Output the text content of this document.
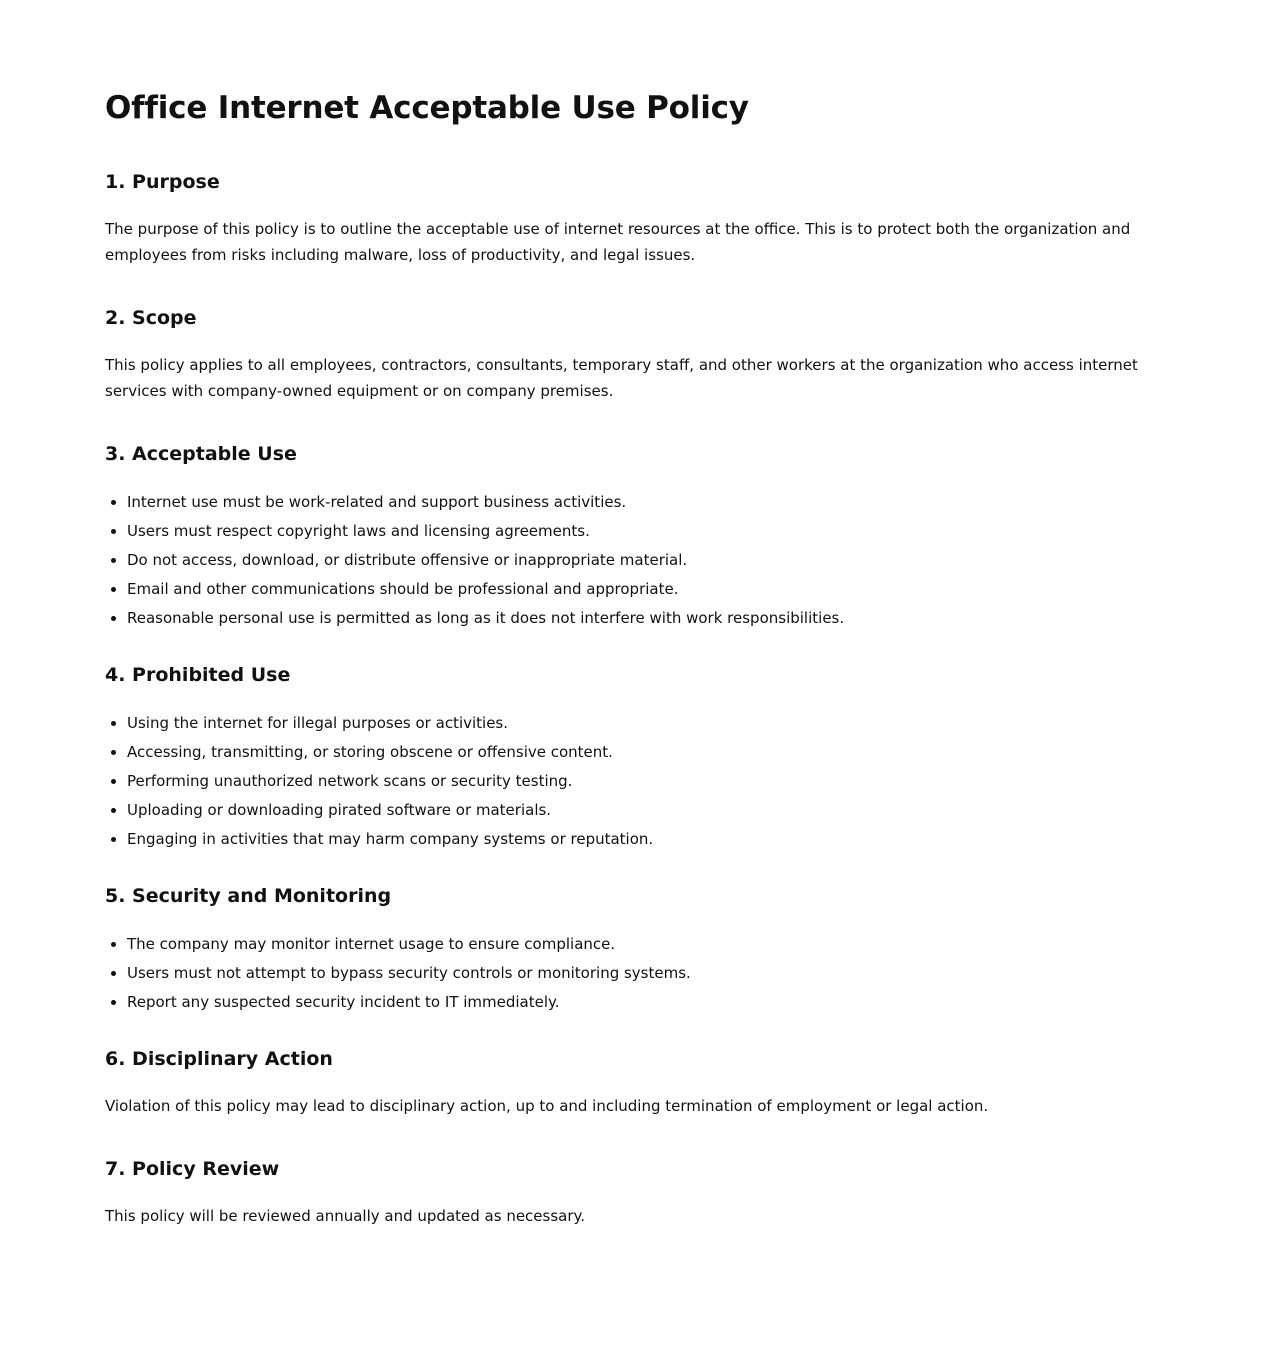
Office Internet Acceptable Use Policy
1. Purpose

The purpose of this policy is to outline the acceptable use of internet resources at the office. This is to protect both the organization and employees from risks including malware, loss of productivity, and legal issues.

2. Scope

This policy applies to all employees, contractors, consultants, temporary staff, and other workers at the organization who access internet services with company-owned equipment or on company premises.

3. Acceptable Use
• Internet use must be work-related and support business activities.
• Users must respect copyright laws and licensing agreements.
• Do not access, download, or distribute offensive or inappropriate material.
• Email and other communications should be professional and appropriate.
• Reasonable personal use is permitted as long as it does not interfere with work responsibilities.
4. Prohibited Use
• Using the internet for illegal purposes or activities.
• Accessing, transmitting, or storing obscene or offensive content.
• Performing unauthorized network scans or security testing.
• Uploading or downloading pirated software or materials.
• Engaging in activities that may harm company systems or reputation.
5. Security and Monitoring
• The company may monitor internet usage to ensure compliance.
• Users must not attempt to bypass security controls or monitoring systems.
• Report any suspected security incident to IT immediately.
6. Disciplinary Action

Violation of this policy may lead to disciplinary action, up to and including termination of employment or legal action.

7. Policy Review

This policy will be reviewed annually and updated as necessary.
